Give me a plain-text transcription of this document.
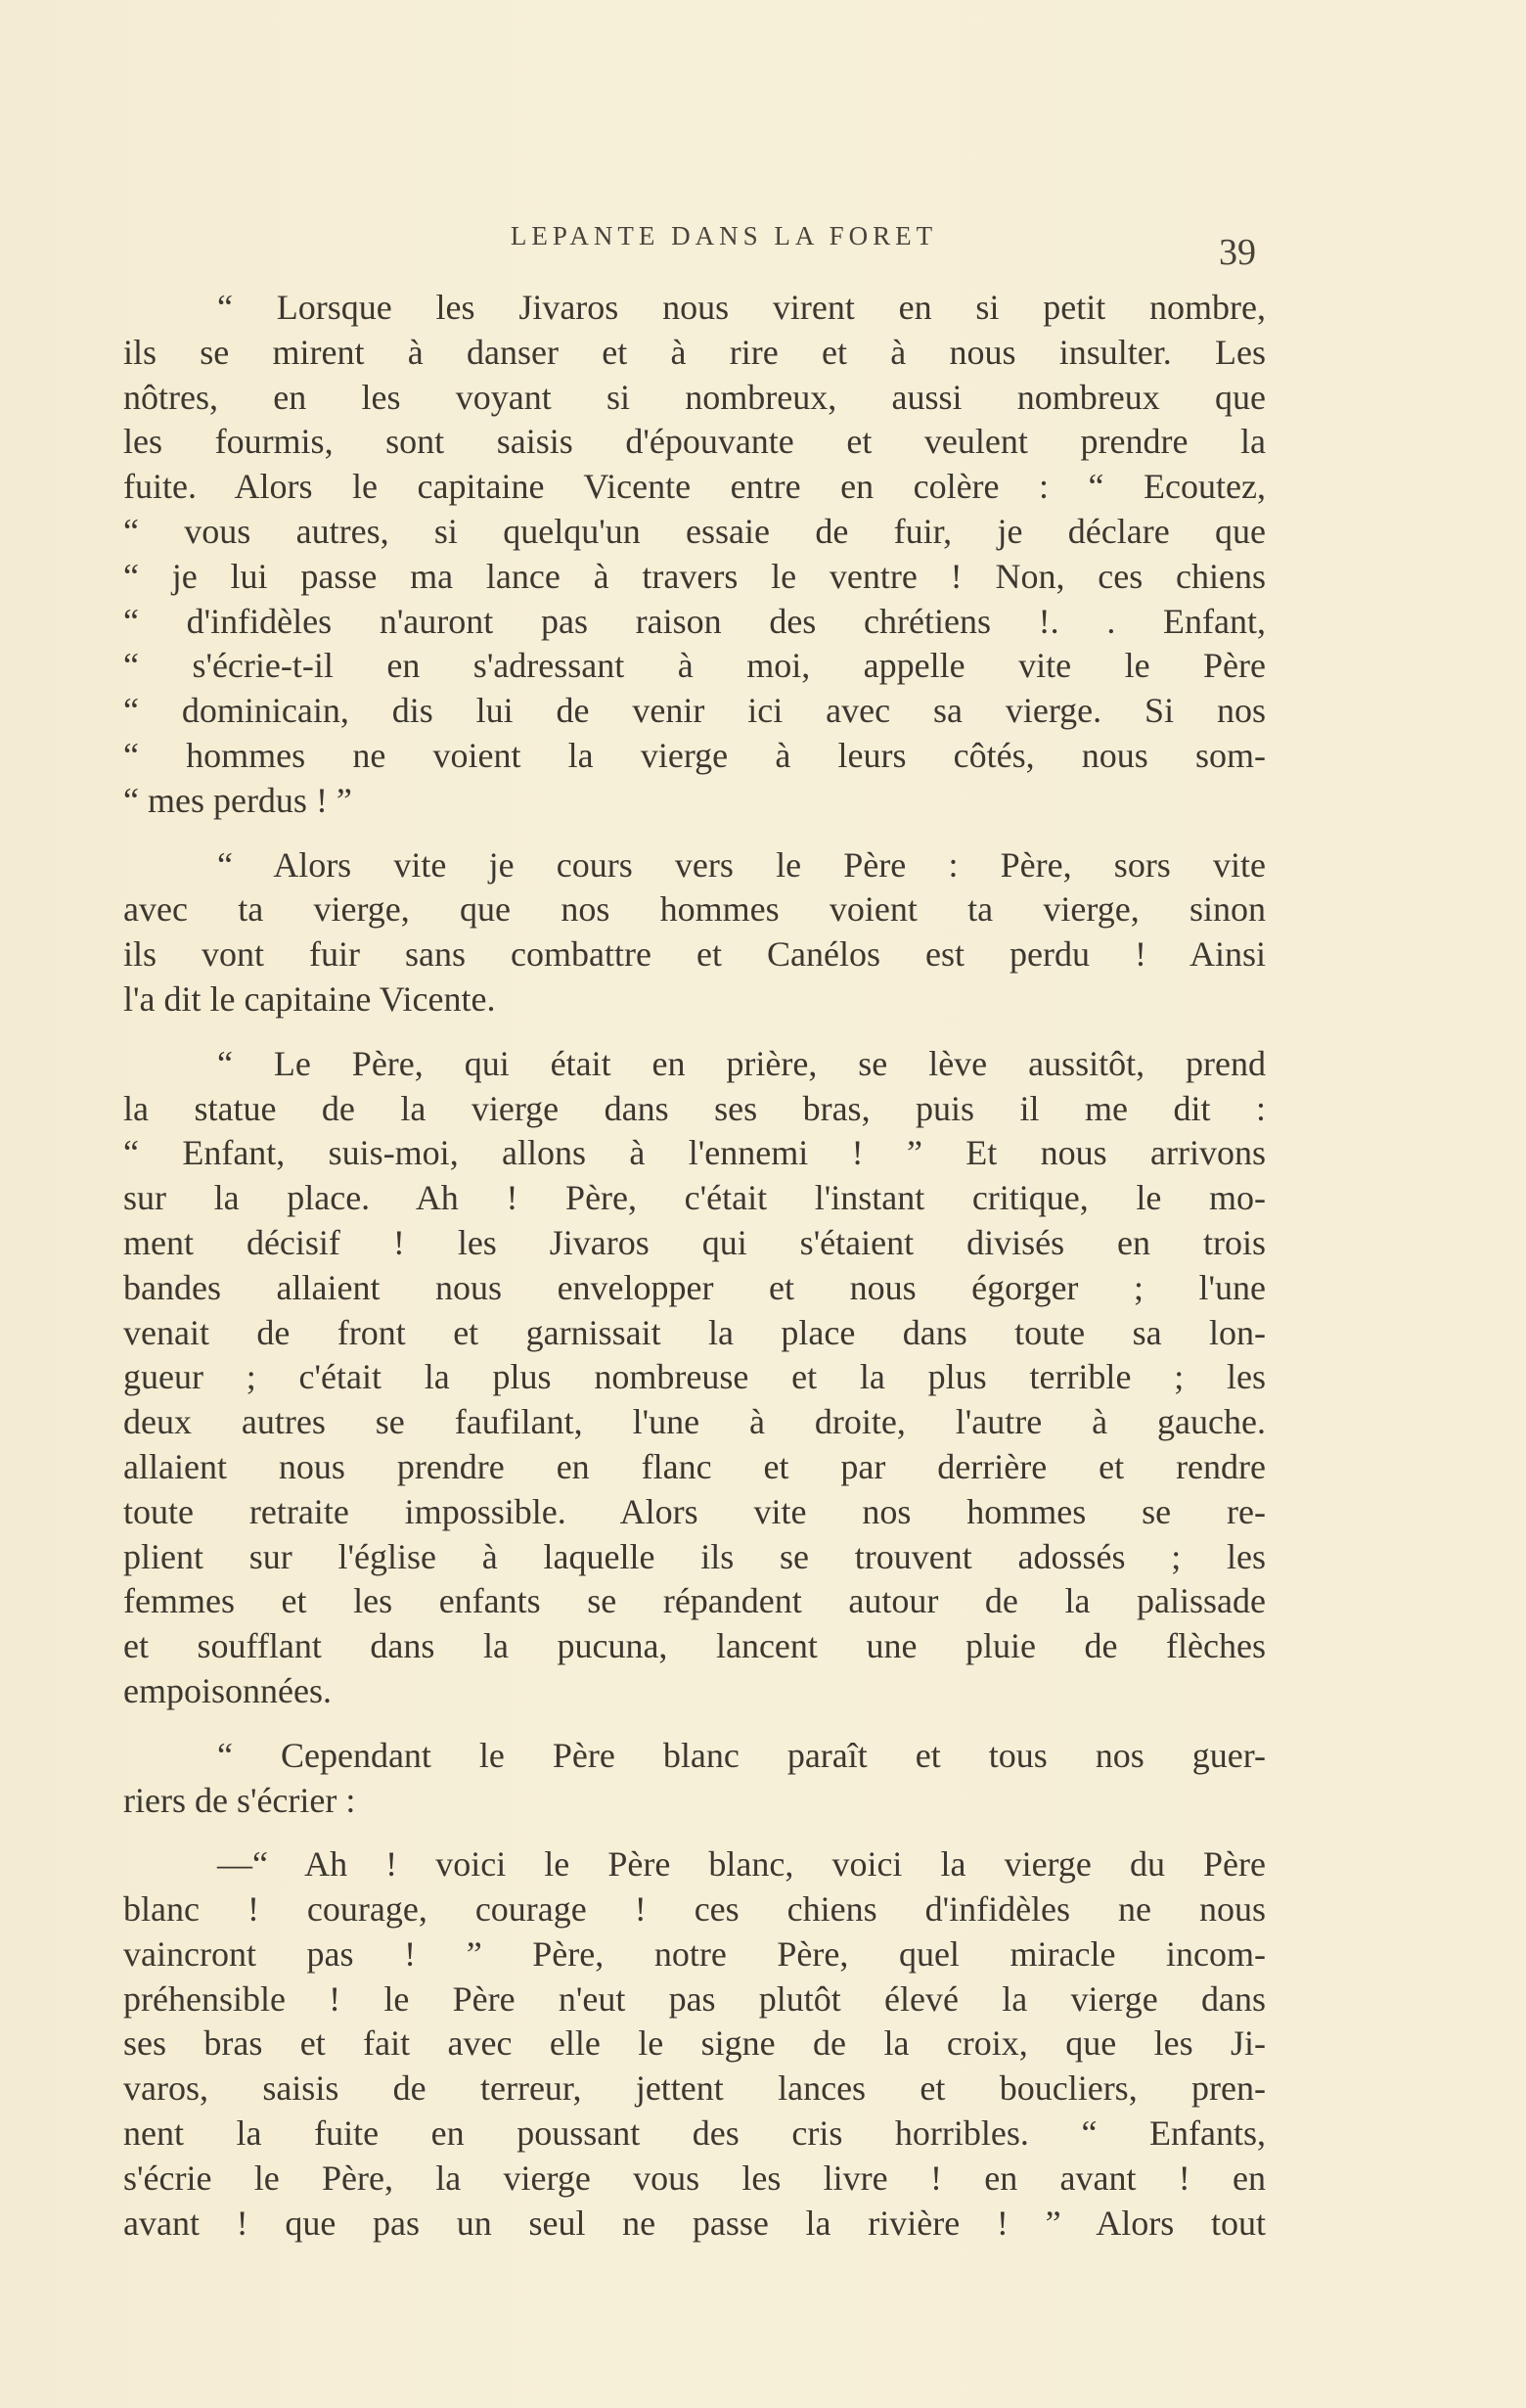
LEPANTE DANS LA FORET	39
“ Lorsque les Jivaros nous virent en si petit nombre,
ils se mirent à danser et à rire et à nous insulter. Les
nôtres, en les voyant si nombreux, aussi nombreux que
les fourmis, sont saisis d'épouvante et veulent prendre la
fuite. Alors le capitaine Vicente entre en colère : “ Ecoutez,
“ vous autres, si quelqu'un essaie de fuir, je déclare que
“ je lui passe ma lance à travers le ventre ! Non, ces chiens
“ d'infidèles n'auront pas raison des chrétiens !. . Enfant,
“ s'écrie-t-il en s'adressant à moi, appelle vite le Père
“ dominicain, dis lui de venir ici avec sa vierge. Si nos
“ hommes ne voient la vierge à leurs côtés, nous som-
“ mes perdus ! ”
“ Alors vite je cours vers le Père : Père, sors vite
avec ta vierge, que nos hommes voient ta vierge, sinon
ils vont fuir sans combattre et Canélos est perdu ! Ainsi
l'a dit le capitaine Vicente.
“ Le Père, qui était en prière, se lève aussitôt, prend
la statue de la vierge dans ses bras, puis il me dit :
“ Enfant, suis-moi, allons à l'ennemi ! ” Et nous arrivons
sur la place. Ah ! Père, c'était l'instant critique, le mo-
ment décisif ! les Jivaros qui s'étaient divisés en trois
bandes allaient nous envelopper et nous égorger ; l'une
venait de front et garnissait la place dans toute sa lon-
gueur ; c'était la plus nombreuse et la plus terrible ; les
deux autres se faufilant, l'une à droite, l'autre à gauche.
allaient nous prendre en flanc et par derrière et rendre
toute retraite impossible. Alors vite nos hommes se re-
plient sur l'église à laquelle ils se trouvent adossés ; les
femmes et les enfants se répandent autour de la palissade
et soufflant dans la pucuna, lancent une pluie de flèches
empoisonnées.
“ Cependant le Père blanc paraît et tous nos guer-
riers de s'écrier :
—“ Ah ! voici le Père blanc, voici la vierge du Père
blanc ! courage, courage ! ces chiens d'infidèles ne nous
vaincront pas ! ” Père, notre Père, quel miracle incom-
préhensible ! le Père n'eut pas plutôt élevé la vierge dans
ses bras et fait avec elle le signe de la croix, que les Ji-
varos, saisis de terreur, jettent lances et boucliers, pren-
nent la fuite en poussant des cris horribles. “ Enfants,
s'écrie le Père, la vierge vous les livre ! en avant ! en
avant ! que pas un seul ne passe la rivière ! ” Alors tout
